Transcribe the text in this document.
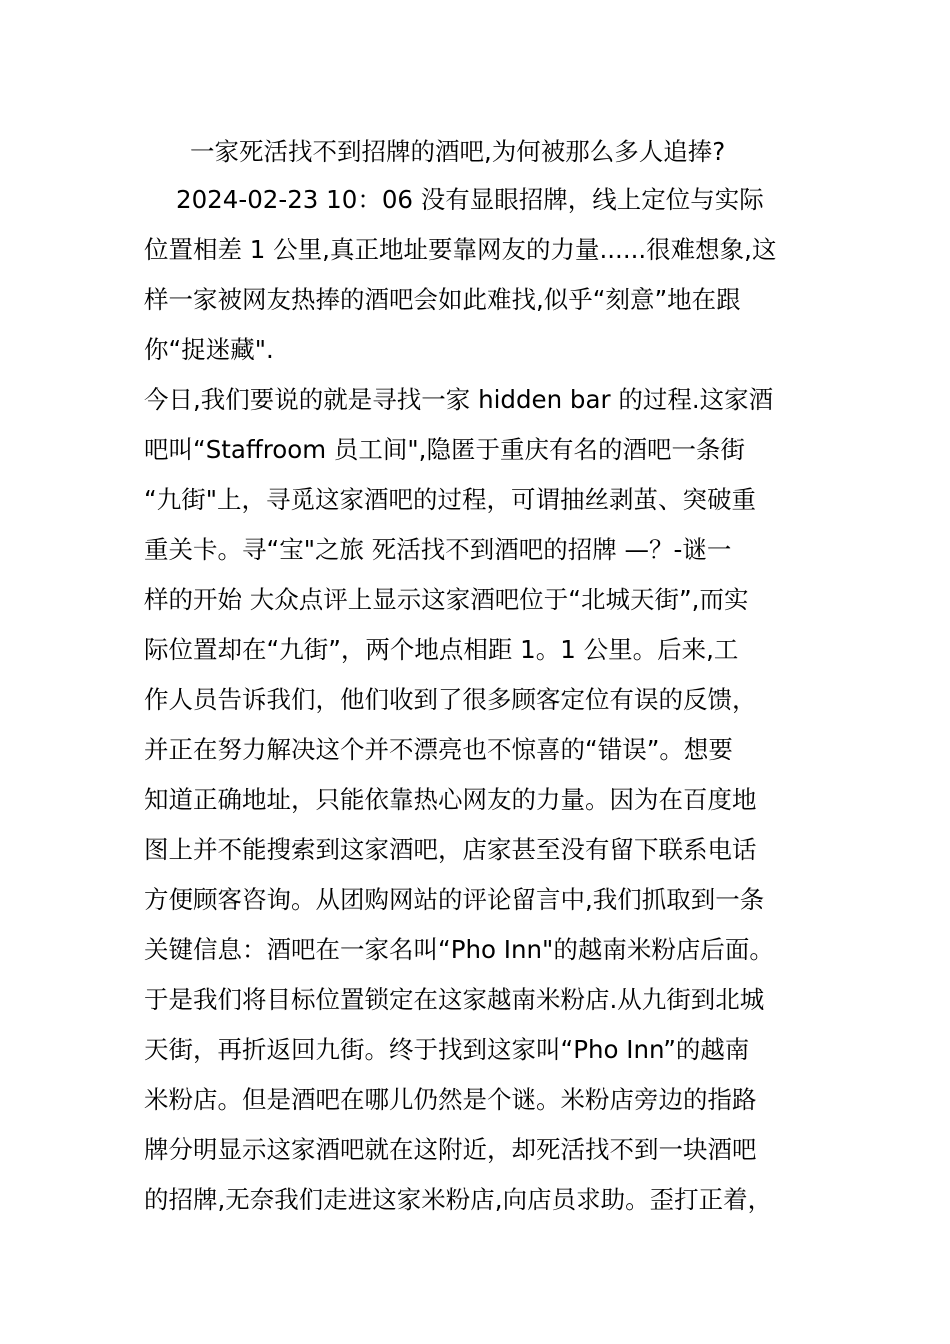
一家死活找不到招牌的酒吧,为何被那么多人追捧?
2024-02-23 10：06 没有显眼招牌，线上定位与实际
位置相差 1 公里,真正地址要靠网友的力量......很难想象,这
样一家被网友热捧的酒吧会如此难找,似乎“刻意”地在跟
你“捉迷藏".
今日,我们要说的就是寻找一家 hidden bar 的过程.这家酒
吧叫“Staffroom 员工间",隐匿于重庆有名的酒吧一条街
“九街"上，寻觅这家酒吧的过程，可谓抽丝剥茧、突破重
重关卡。寻“宝"之旅 死活找不到酒吧的招牌 —？-谜一
样的开始 大众点评上显示这家酒吧位于“北城天街”,而实
际位置却在“九街”，两个地点相距 1。1 公里。后来,工
作人员告诉我们，他们收到了很多顾客定位有误的反馈，
并正在努力解决这个并不漂亮也不惊喜的“错误”。想要
知道正确地址，只能依靠热心网友的力量。因为在百度地
图上并不能搜索到这家酒吧，店家甚至没有留下联系电话
方便顾客咨询。从团购网站的评论留言中,我们抓取到一条
关键信息：酒吧在一家名叫“Pho Inn"的越南米粉店后面。
于是我们将目标位置锁定在这家越南米粉店.从九街到北城
天街，再折返回九街。终于找到这家叫“Pho Inn”的越南
米粉店。但是酒吧在哪儿仍然是个谜。米粉店旁边的指路
牌分明显示这家酒吧就在这附近，却死活找不到一块酒吧
的招牌,无奈我们走进这家米粉店,向店员求助。歪打正着，
